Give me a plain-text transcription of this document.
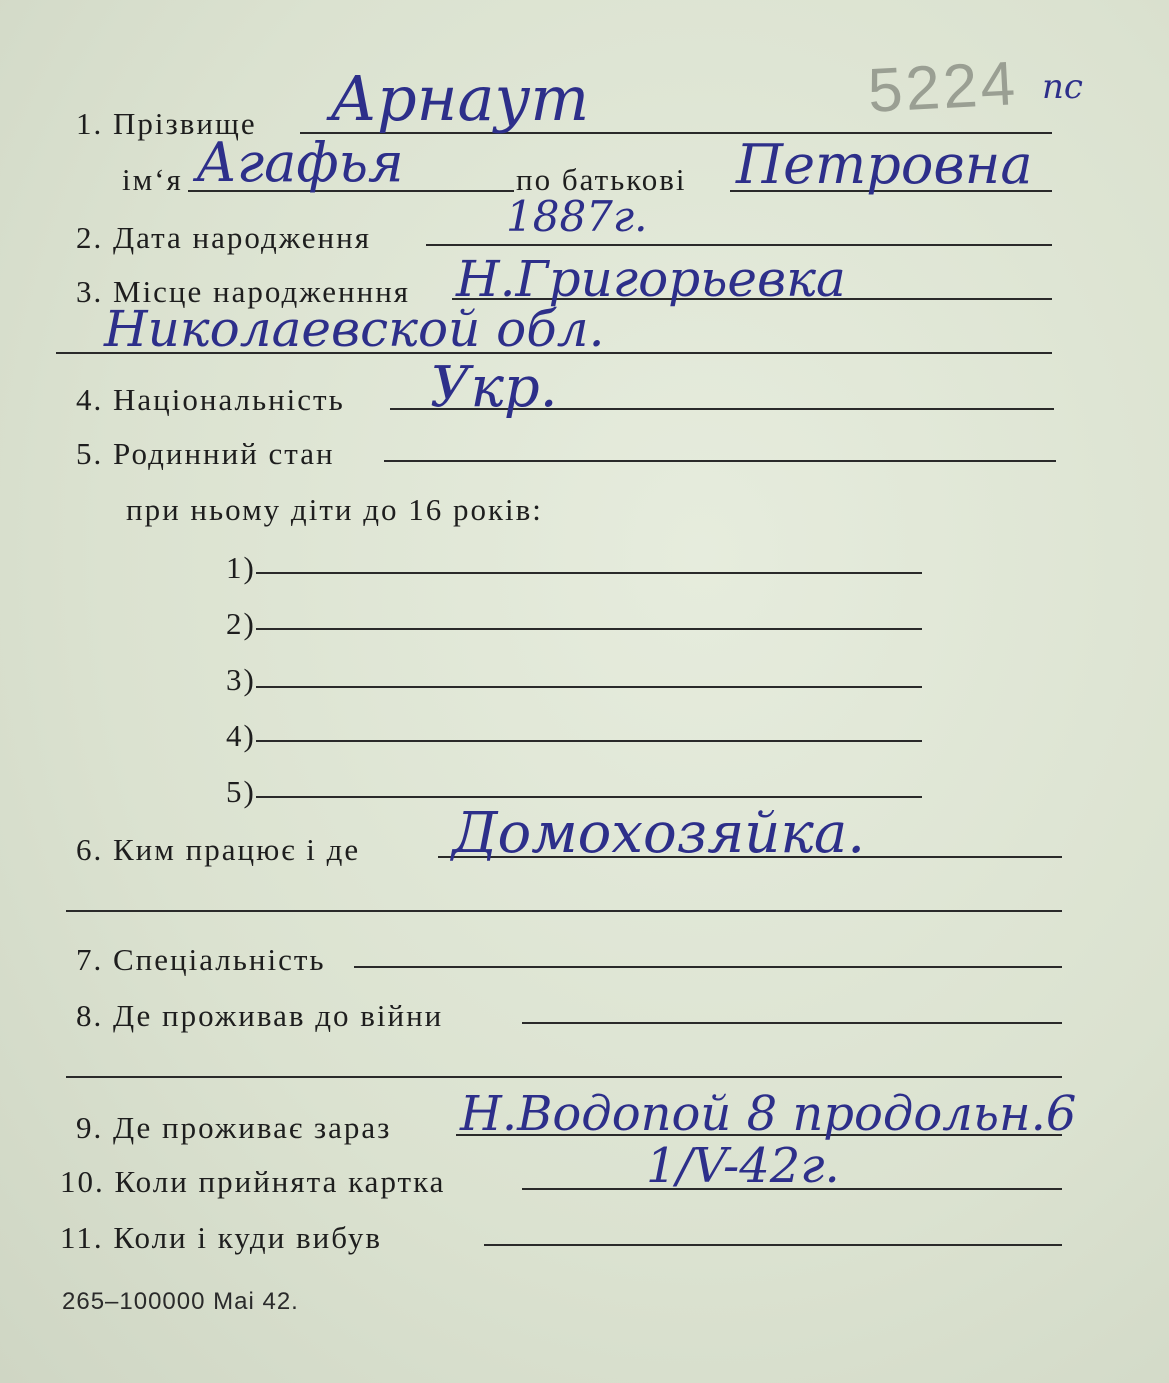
5224 пс
1. Прізвище Арнаут
ім‘я Агафья	по батькові Петровна
2. Дата народження	1887г.
3. Місце народженння Н.Григорьевка
Николаевской обл.
4. Національність Укр.
5. Родинний стан
при ньому діти до 16 років:
1)
2)
3)
4)
5)
6. Ким працює і де Домохозяйка.
7. Спеціальність
8. Де проживав до війни
9. Де проживає зараз Н.Водопой 8 продольн.6
10. Коли прийнята картка	1/V-42г.
11. Коли і куди вибув
265–100000 Mai 42.
